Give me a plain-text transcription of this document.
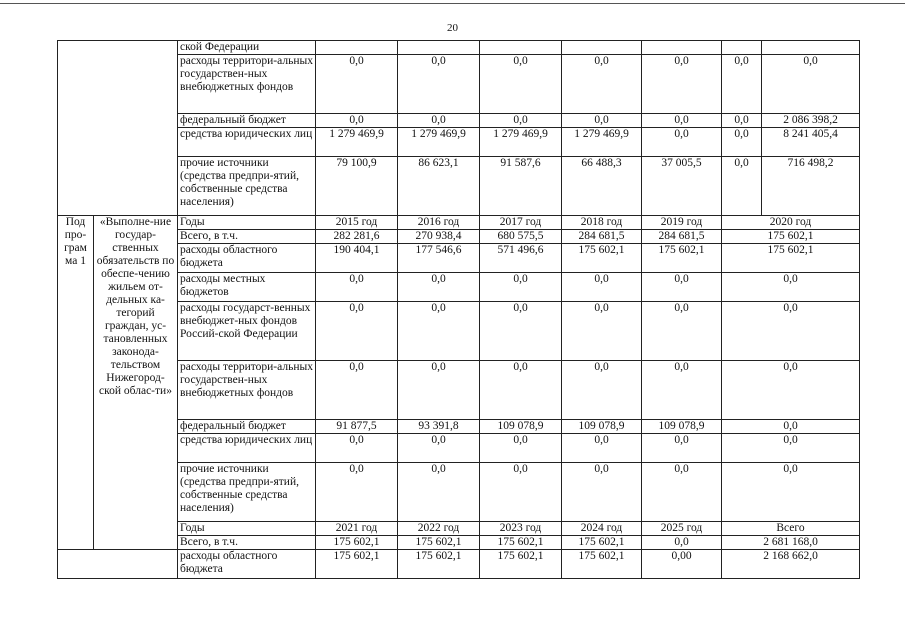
20
		ской Федерации							
		расходы территори-альных государствен-ных внебюджетных фондов	0,0	0,0	0,0	0,0	0,0	0,0	0,0
		федеральный бюджет	0,0	0,0	0,0	0,0	0,0	0,0	2 086 398,2
		средства юридических лиц	1 279 469,9	1 279 469,9	1 279 469,9	1 279 469,9	0,0	0,0	8 241 405,4
		прочие источники (средства предпри-ятий, собственные средства населения)	79 100,9	86 623,1	91 587,6	66 488,3	37 005,5	0,0	716 498,2
Под про-грам ма 1	«Выполне-ние государ-ственных обязательств по обеспе-чению жильем от-дельных ка-тегорий граждан, ус-тановленных законода-тельством Нижегород-ской облас-ти»	Годы	2015 год	2016 год	2017 год	2018 год	2019 год	2020 год	
		Всего, в т.ч.	282 281,6	270 938,4	680 575,5	284 681,5	284 681,5	175 602,1	
		расходы областного бюджета	190 404,1	177 546,6	571 496,6	175 602,1	175 602,1	175 602,1	
		расходы местных бюджетов	0,0	0,0	0,0	0,0	0,0	0,0	
		расходы государст-венных внебюджет-ных фондов Россий-ской Федерации	0,0	0,0	0,0	0,0	0,0	0,0	
		расходы территори-альных государствен-ных внебюджетных фондов	0,0	0,0	0,0	0,0	0,0	0,0	
		федеральный бюджет	91 877,5	93 391,8	109 078,9	109 078,9	109 078,9	0,0	
		средства юридических лиц	0,0	0,0	0,0	0,0	0,0	0,0	
		прочие источники (средства предпри-ятий, собственные средства населения)	0,0	0,0	0,0	0,0	0,0	0,0	
		Годы	2021 год	2022 год	2023 год	2024 год	2025 год	Всего	
		Всего, в т.ч.	175 602,1	175 602,1	175 602,1	175 602,1	0,0	2 681 168,0	
		расходы областного бюджета	175 602,1	175 602,1	175 602,1	175 602,1	0,00	2 168 662,0	
